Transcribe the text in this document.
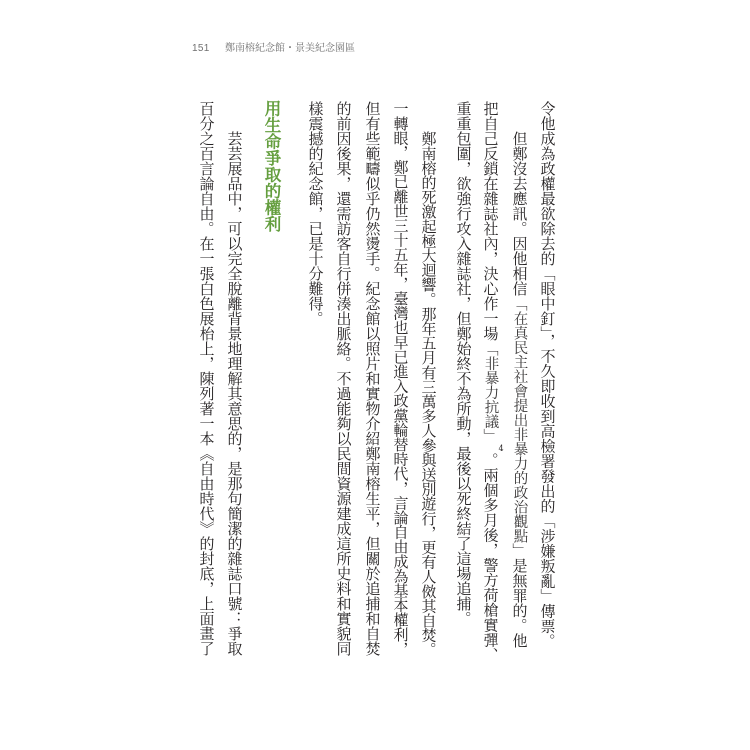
151 鄭南榕紀念館・景美紀念園區
令他成為政權最欲除去的「眼中釘」，不久即收到高檢署發出的「涉嫌叛亂」傳票。
但鄭沒去應訊。因他相信「在真民主社會提出非暴力的政治觀點」是無罪的。他
把自己反鎖在雜誌社內，決心作一場「非暴力抗議」4。兩個多月後，警方荷槍實彈、
重重包圍，欲強行攻入雜誌社，但鄭始終不為所動，最後以死終結了這場追捕。
鄭南榕的死激起極大迴響。那年五月有三萬多人參與送別遊行，更有人傚其自焚。
一轉眼，鄭已離世三十五年，臺灣也早已進入政黨輪替時代，言論自由成為基本權利，
但有些範疇似乎仍然燙手。紀念館以照片和實物介紹鄭南榕生平，但關於追捕和自焚
的前因後果，還需訪客自行併湊出脈絡。不過能夠以民間資源建成這所史料和實貌同
樣震撼的紀念館，已是十分難得。
用生命爭取的權利
芸芸展品中，可以完全脫離背景地理解其意思的，是那句簡潔的雜誌口號：爭取
百分之百言論自由。在一張白色展枱上，陳列著一本《自由時代》的封底，上面畫了
